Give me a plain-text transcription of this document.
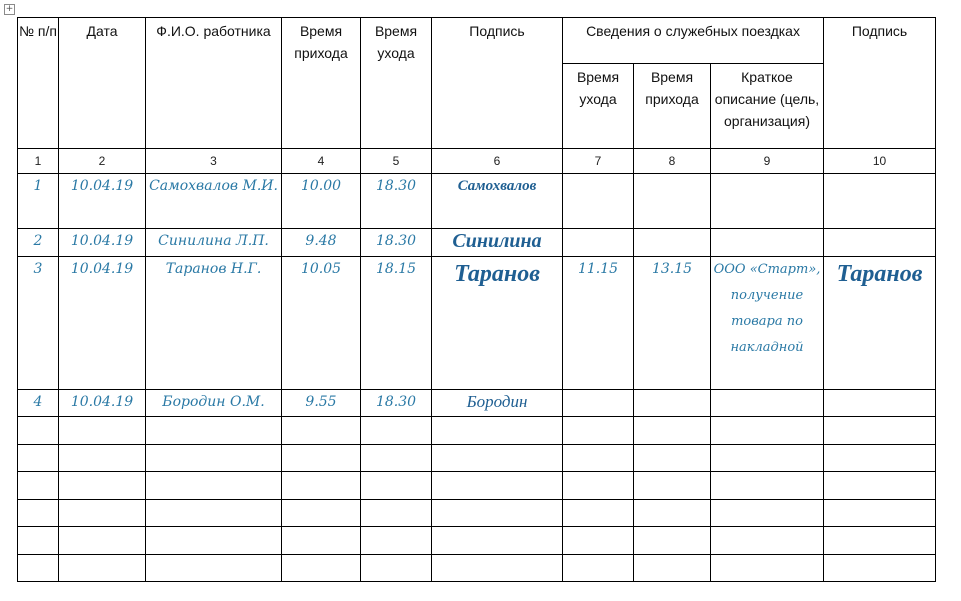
+
№ п/п	Дата	Ф.И.О. работника	Время прихода	Время ухода	Подпись	Сведения о служебных поездках			Подпись
						Время ухода	Время прихода	Краткое описание (цель, организация)	
1	2	3	4	5	6	7	8	9	10
1	10.04.19	Самохвалов М.И.	10.00	18.30	Самохвалов				
2	10.04.19	Синилина Л.П.	9.48	18.30	Синилина				
3	10.04.19	Таранов Н.Г.	10.05	18.15	Таранов	11.15	13.15	ООО «Старт», получение товара по накладной	Таранов
4	10.04.19	Бородин О.М.	9.55	18.30	Бородин				
